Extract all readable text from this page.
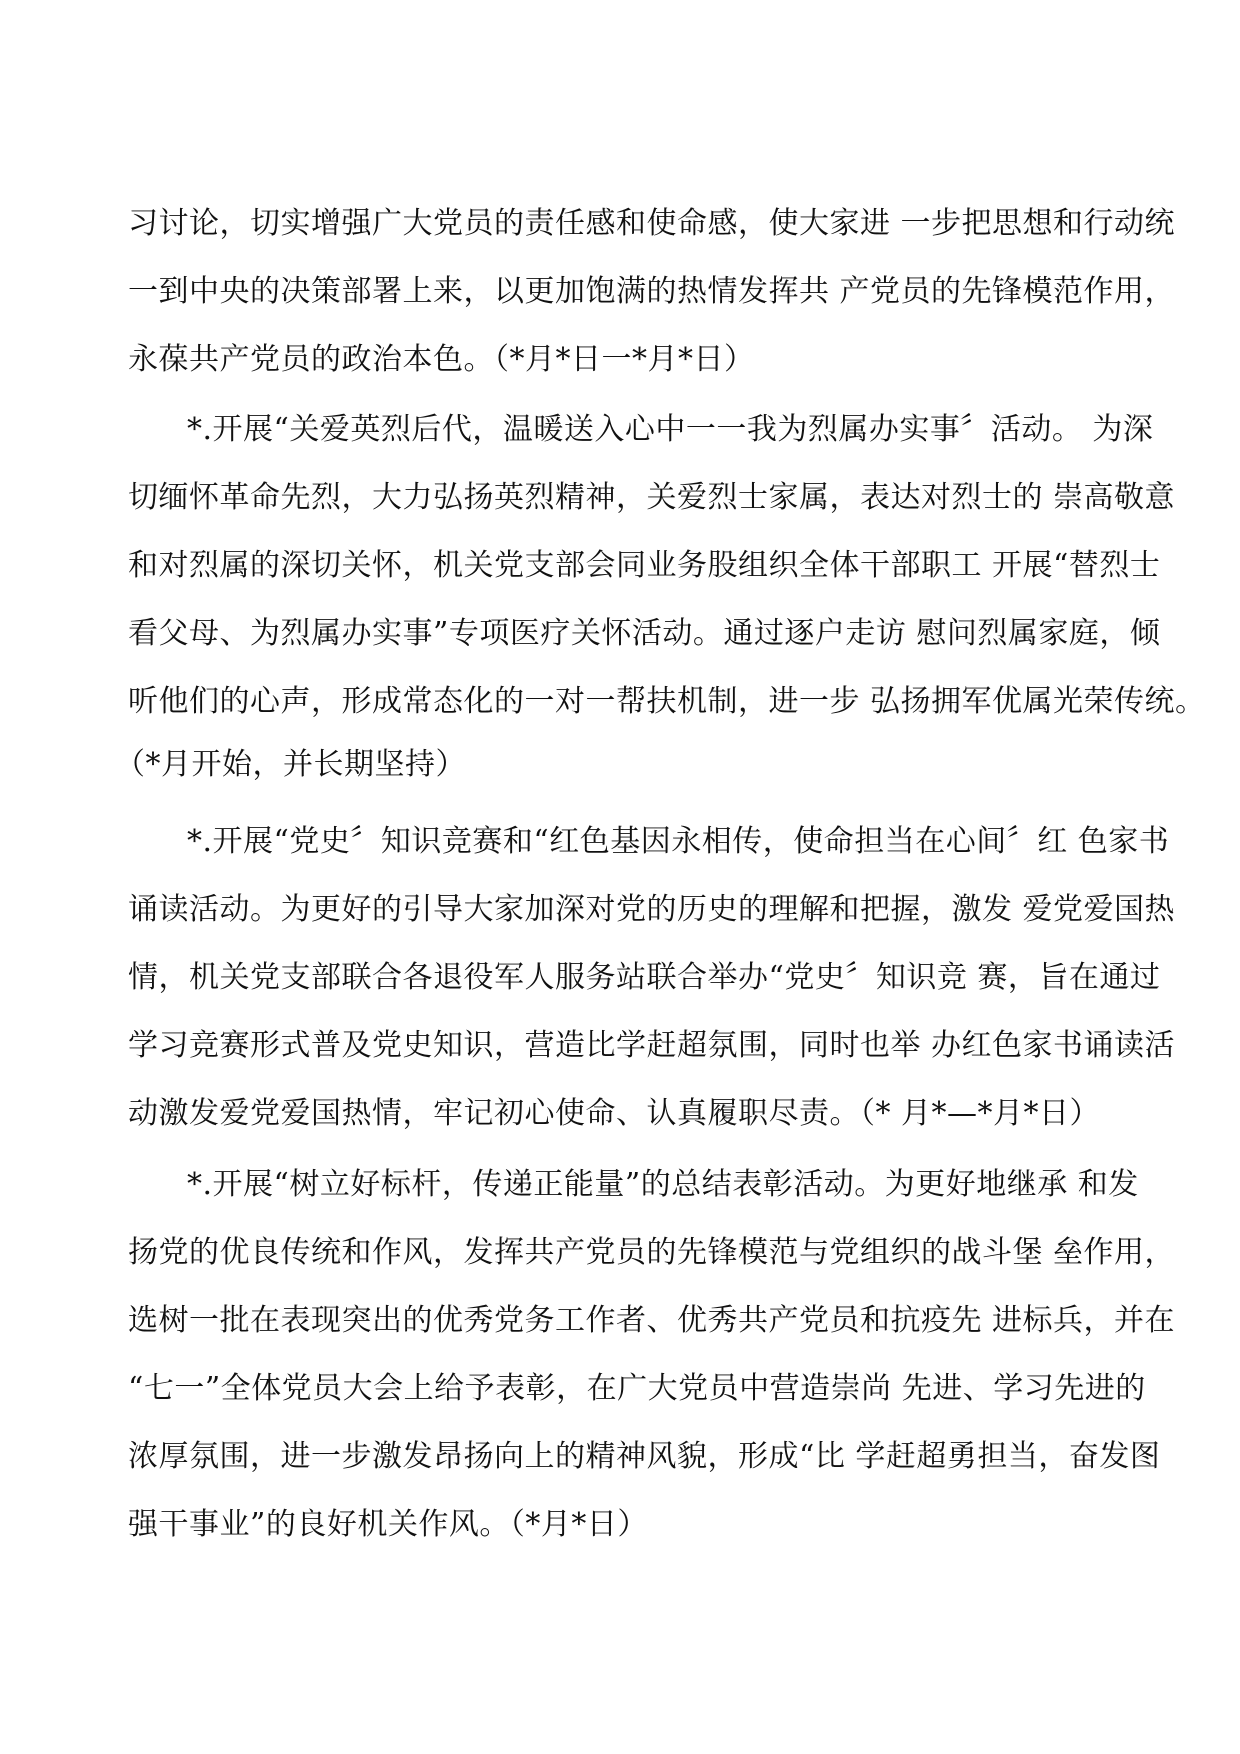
习讨论，切实增强广大党员的责任感和使命感，使大家进 一步把思想和行动统
一到中央的决策部署上来，以更加饱满的热情发挥共 产党员的先锋模范作用，
永葆共产党员的政治本色。（*月*日一*月*日）
*.开展“关爱英烈后代，温暖送入心中一一我为烈属办实事〞活动。 为深
切缅怀革命先烈，大力弘扬英烈精神，关爱烈士家属，表达对烈士的 崇高敬意
和对烈属的深切关怀，机关党支部会同业务股组织全体干部职工 开展“替烈士
看父母、为烈属办实事”专项医疗关怀活动。通过逐户走访 慰问烈属家庭，倾
听他们的心声，形成常态化的一对一帮扶机制，进一步 弘扬拥军优属光荣传统。
（*月开始，并长期坚持）
*.开展“党史〞知识竞赛和“红色基因永相传，使命担当在心间〞红 色家书
诵读活动。为更好的引导大家加深对党的历史的理解和把握，激发 爱党爱国热
情，机关党支部联合各退役军人服务站联合举办“党史〞知识竞 赛，旨在通过
学习竞赛形式普及党史知识，营造比学赶超氛围，同时也举 办红色家书诵读活
动激发爱党爱国热情，牢记初心使命、认真履职尽责。（* 月*—*月*日）
*.开展“树立好标杆，传递正能量”的总结表彰活动。为更好地继承 和发
扬党的优良传统和作风，发挥共产党员的先锋模范与党组织的战斗堡 垒作用，
选树一批在表现突出的优秀党务工作者、优秀共产党员和抗疫先 进标兵，并在
“七一”全体党员大会上给予表彰，在广大党员中营造崇尚 先进、学习先进的
浓厚氛围，进一步激发昂扬向上的精神风貌，形成“比 学赶超勇担当，奋发图
强干事业”的良好机关作风。（*月*日）
